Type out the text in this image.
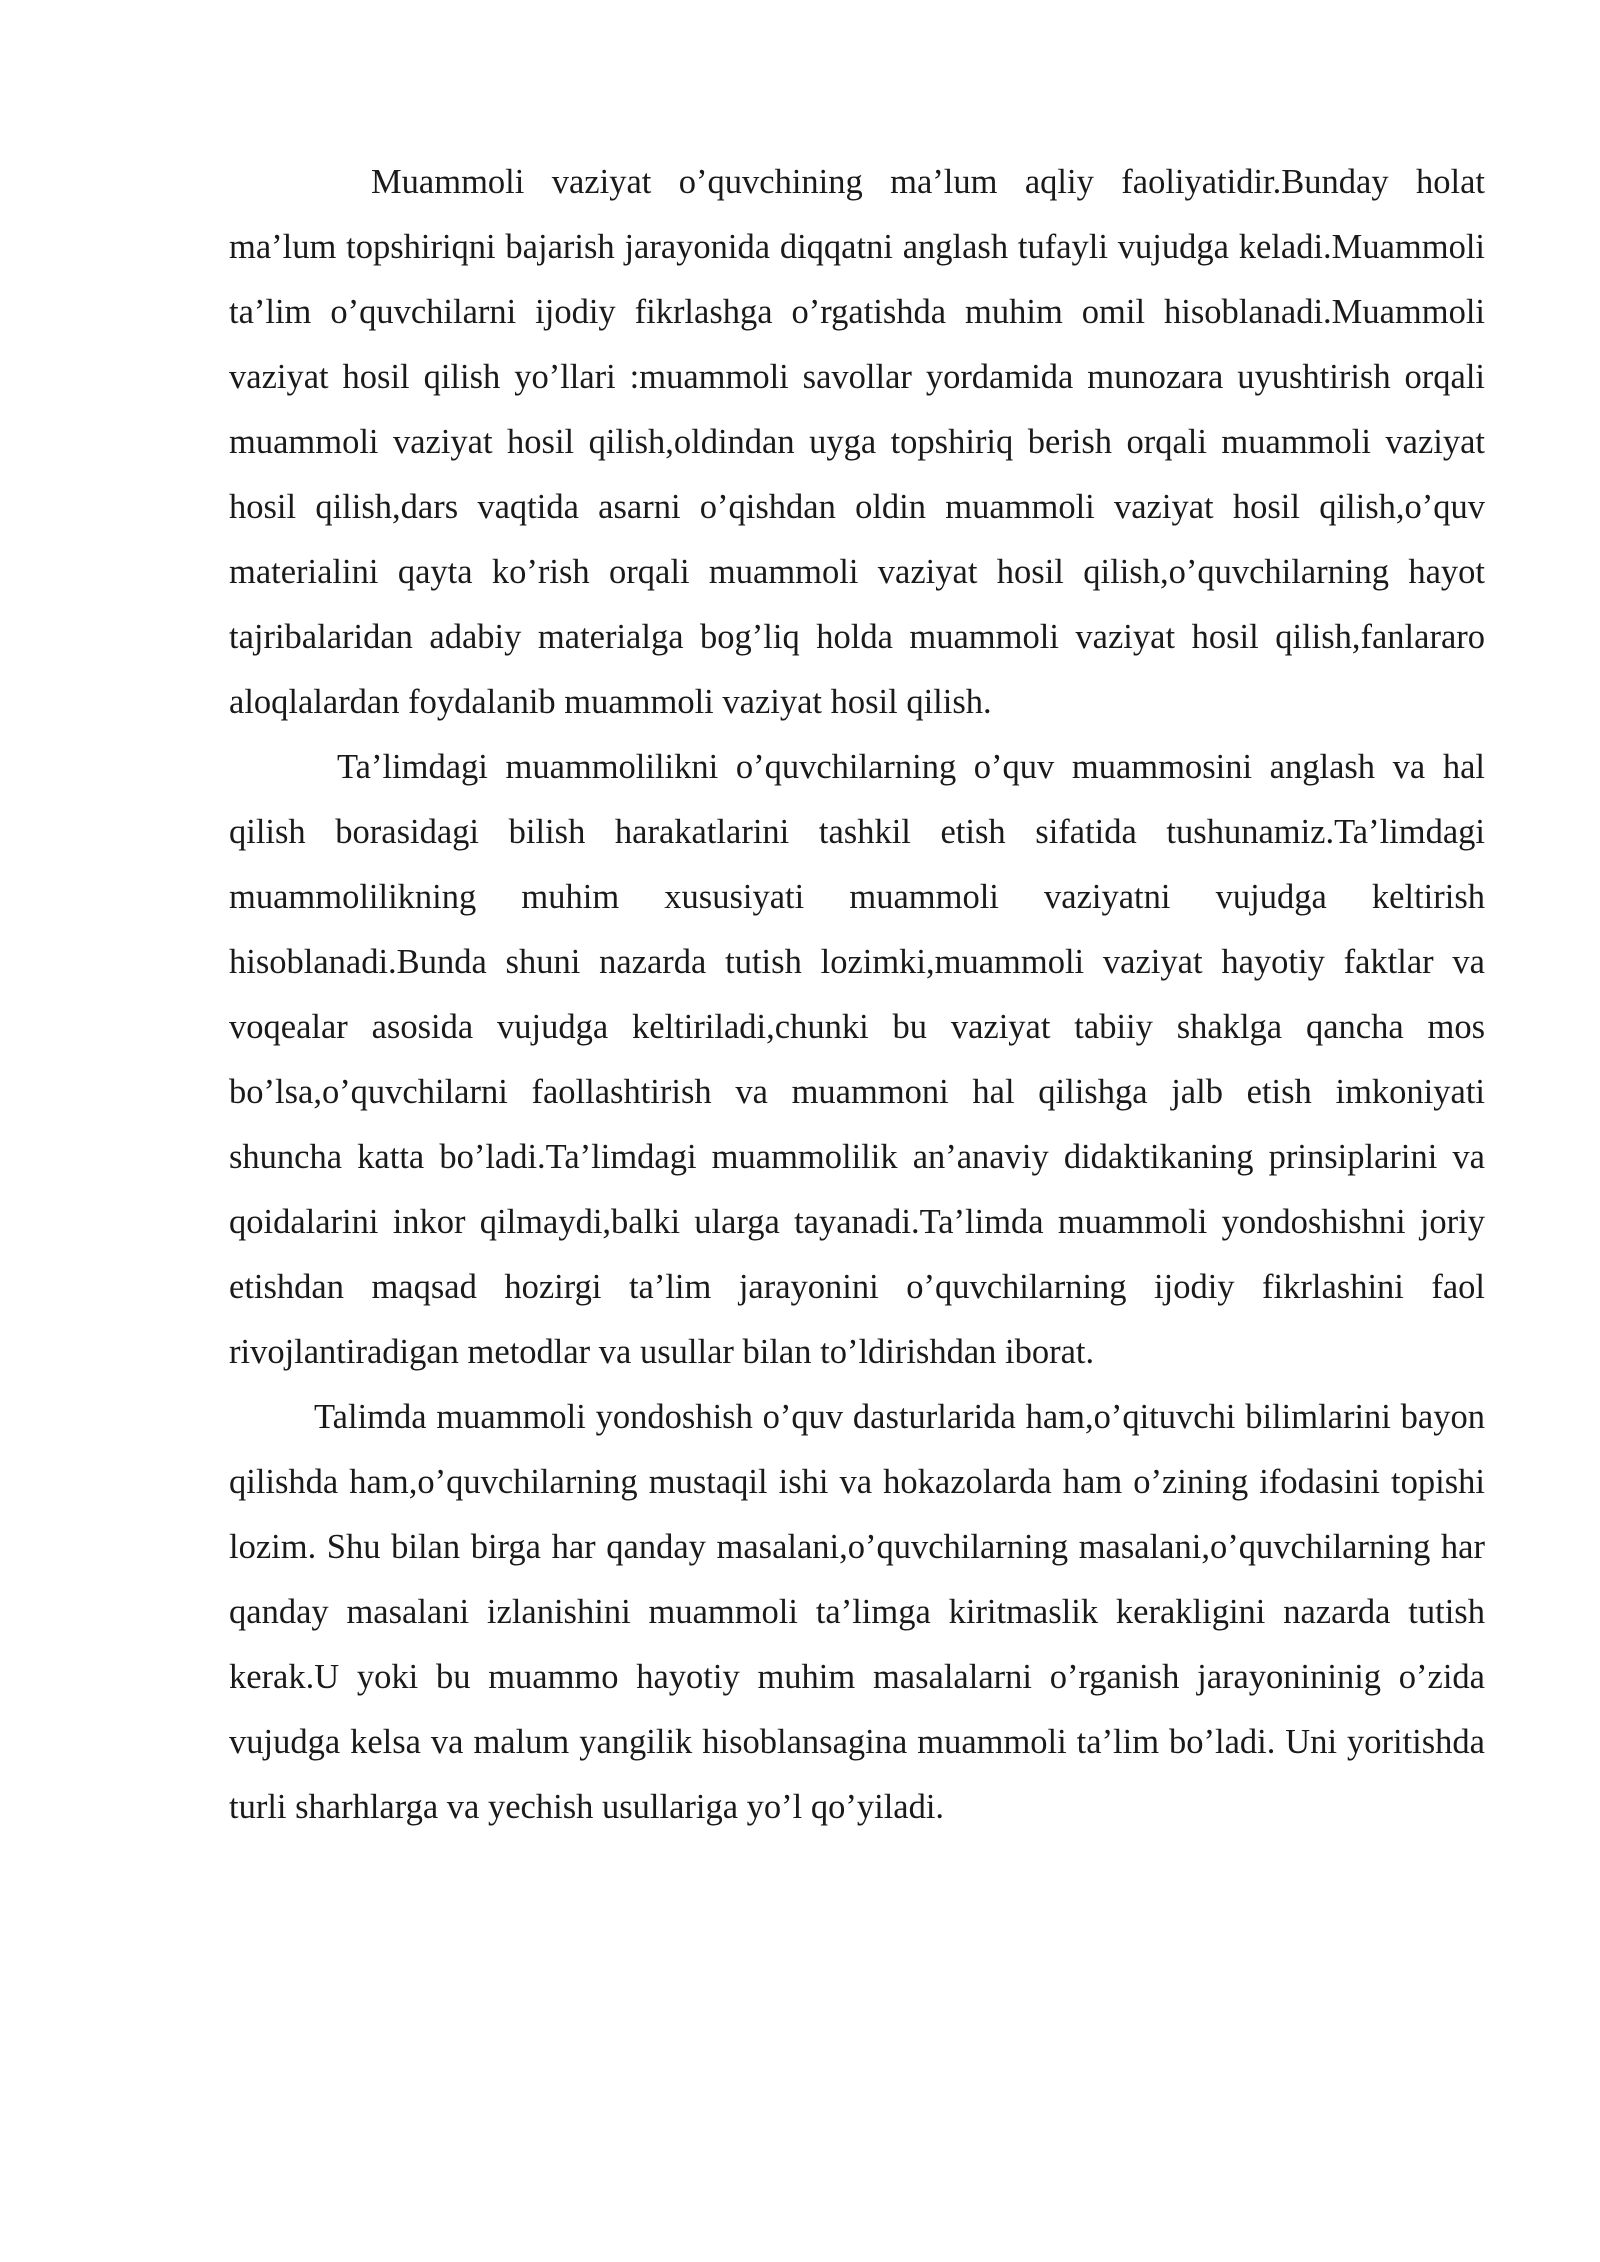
Muammoli vaziyat o’quvchining ma’lum aqliy faoliyatidir.Bunday holat ma’lum topshiriqni bajarish jarayonida diqqatni anglash tufayli vujudga keladi.Muammoli ta’lim o’quvchilarni ijodiy fikrlashga o’rgatishda muhim omil hisoblanadi.Muammoli vaziyat hosil qilish yo’llari :muammoli savollar yordamida munozara uyushtirish orqali muammoli vaziyat hosil qilish,oldindan uyga topshiriq berish orqali muammoli vaziyat hosil qilish,dars vaqtida asarni o’qishdan oldin muammoli vaziyat hosil qilish,o’quv materialini qayta ko’rish orqali muammoli vaziyat hosil qilish,o’quvchilarning hayot tajribalaridan adabiy materialga bog’liq holda muammoli vaziyat hosil qilish,fanlararo aloqlalardan foydalanib muammoli vaziyat hosil qilish.

Ta’limdagi muammolilikni o’quvchilarning o’quv muammosini anglash va hal qilish borasidagi bilish harakatlarini tashkil etish sifatida tushunamiz.Ta’limdagi muammolilikning muhim xususiyati muammoli vaziyatni vujudga keltirish hisoblanadi.Bunda shuni nazarda tutish lozimki,muammoli vaziyat hayotiy faktlar va voqealar asosida vujudga keltiriladi,chunki bu vaziyat tabiiy shaklga qancha mos bo’lsa,o’quvchilarni faollashtirish va muammoni hal qilishga jalb etish imkoniyati shuncha katta bo’ladi.Ta’limdagi muammolilik an’anaviy didaktikaning prinsiplarini va qoidalarini inkor qilmaydi,balki ularga tayanadi.Ta’limda muammoli yondoshishni joriy etishdan maqsad hozirgi ta’lim jarayonini o’quvchilarning ijodiy fikrlashini faol rivojlantiradigan metodlar va usullar bilan to’ldirishdan iborat.

Talimda muammoli yondoshish o’quv dasturlarida ham,o’qituvchi bilimlarini bayon qilishda ham,o’quvchilarning mustaqil ishi va hokazolarda ham o’zining ifodasini topishi lozim. Shu bilan birga har qanday masalani,o’quvchilarning masalani,o’quvchilarning har qanday masalani izlanishini muammoli ta’limga kiritmaslik kerakligini nazarda tutish kerak.U yoki bu muammo hayotiy muhim masalalarni o’rganish jarayonininig o’zida vujudga kelsa va malum yangilik hisoblansagina muammoli ta’lim bo’ladi. Uni yoritishda turli sharhlarga va yechish usullariga yo’l qo’yiladi.
